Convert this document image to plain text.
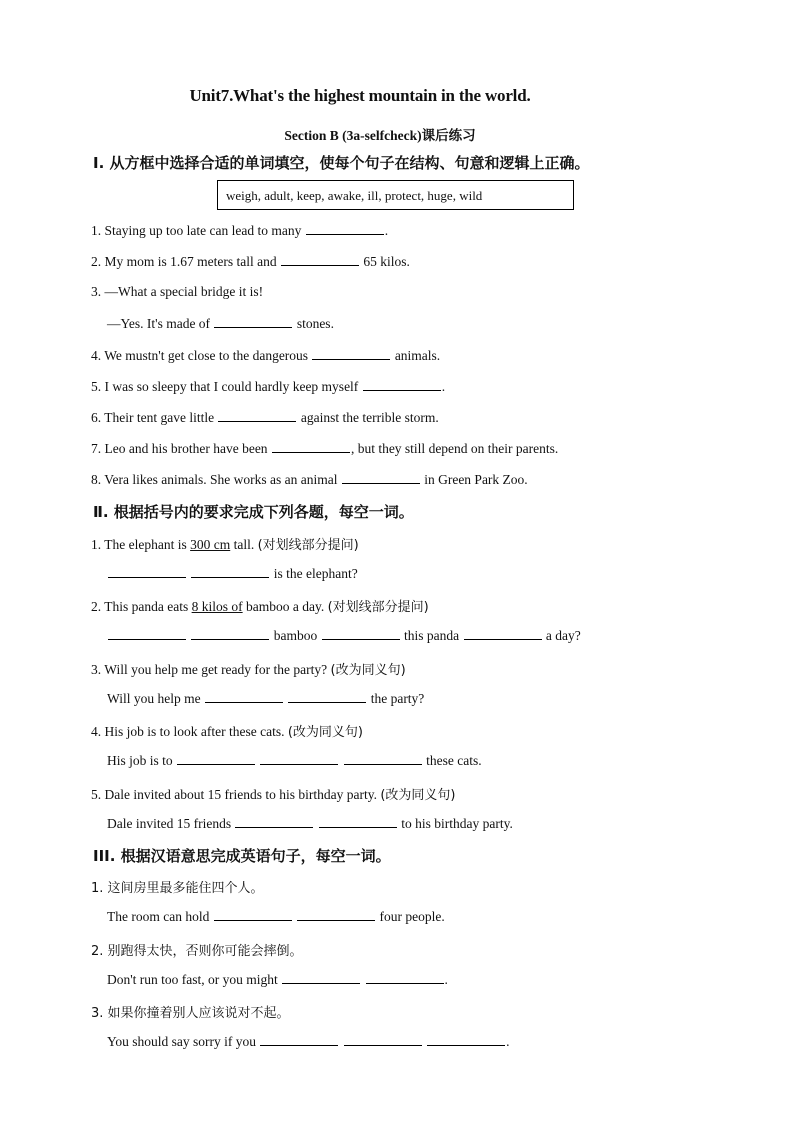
Unit7.What's the highest mountain in the world.
Section B (3a-selfcheck)课后练习
Ⅰ. 从方框中选择合适的单词填空，使每个句子在结构、句意和逻辑上正确。
weigh, adult, keep, awake, ill, protect, huge, wild
1. Staying up too late can lead to many	.
2. My mom is 1.67 meters tall and	65 kilos.
3. —What a special bridge it is!
—Yes. It's made of	stones.
4. We mustn't get close to the dangerous	animals.
5. I was so sleepy that I could hardly keep myself	.
6. Their tent gave little	against the terrible storm.
7. Leo and his brother have been	, but they still depend on their parents.
8. Vera likes animals. She works as an animal	in Green Park Zoo.
Ⅱ. 根据括号内的要求完成下列各题，每空一词。
1. The elephant is 300 cm tall. (对划线部分提问)
is the elephant?
2. This panda eats 8 kilos of bamboo a day. (对划线部分提问)
bamboo	this panda	a day?
3. Will you help me get ready for the party? (改为同义句)
Will you help me	the party?
4. His job is to look after these cats. (改为同义句)
His job is to	these cats.
5. Dale invited about 15 friends to his birthday party. (改为同义句)
Dale invited 15 friends	to his birthday party.
III. 根据汉语意思完成英语句子，每空一词。
1. 这间房里最多能住四个人。
The room can hold	four people.
2. 别跑得太快，否则你可能会摔倒。
Don't run too fast, or you might	.
3. 如果你撞着别人应该说对不起。
You should say sorry if you	.
